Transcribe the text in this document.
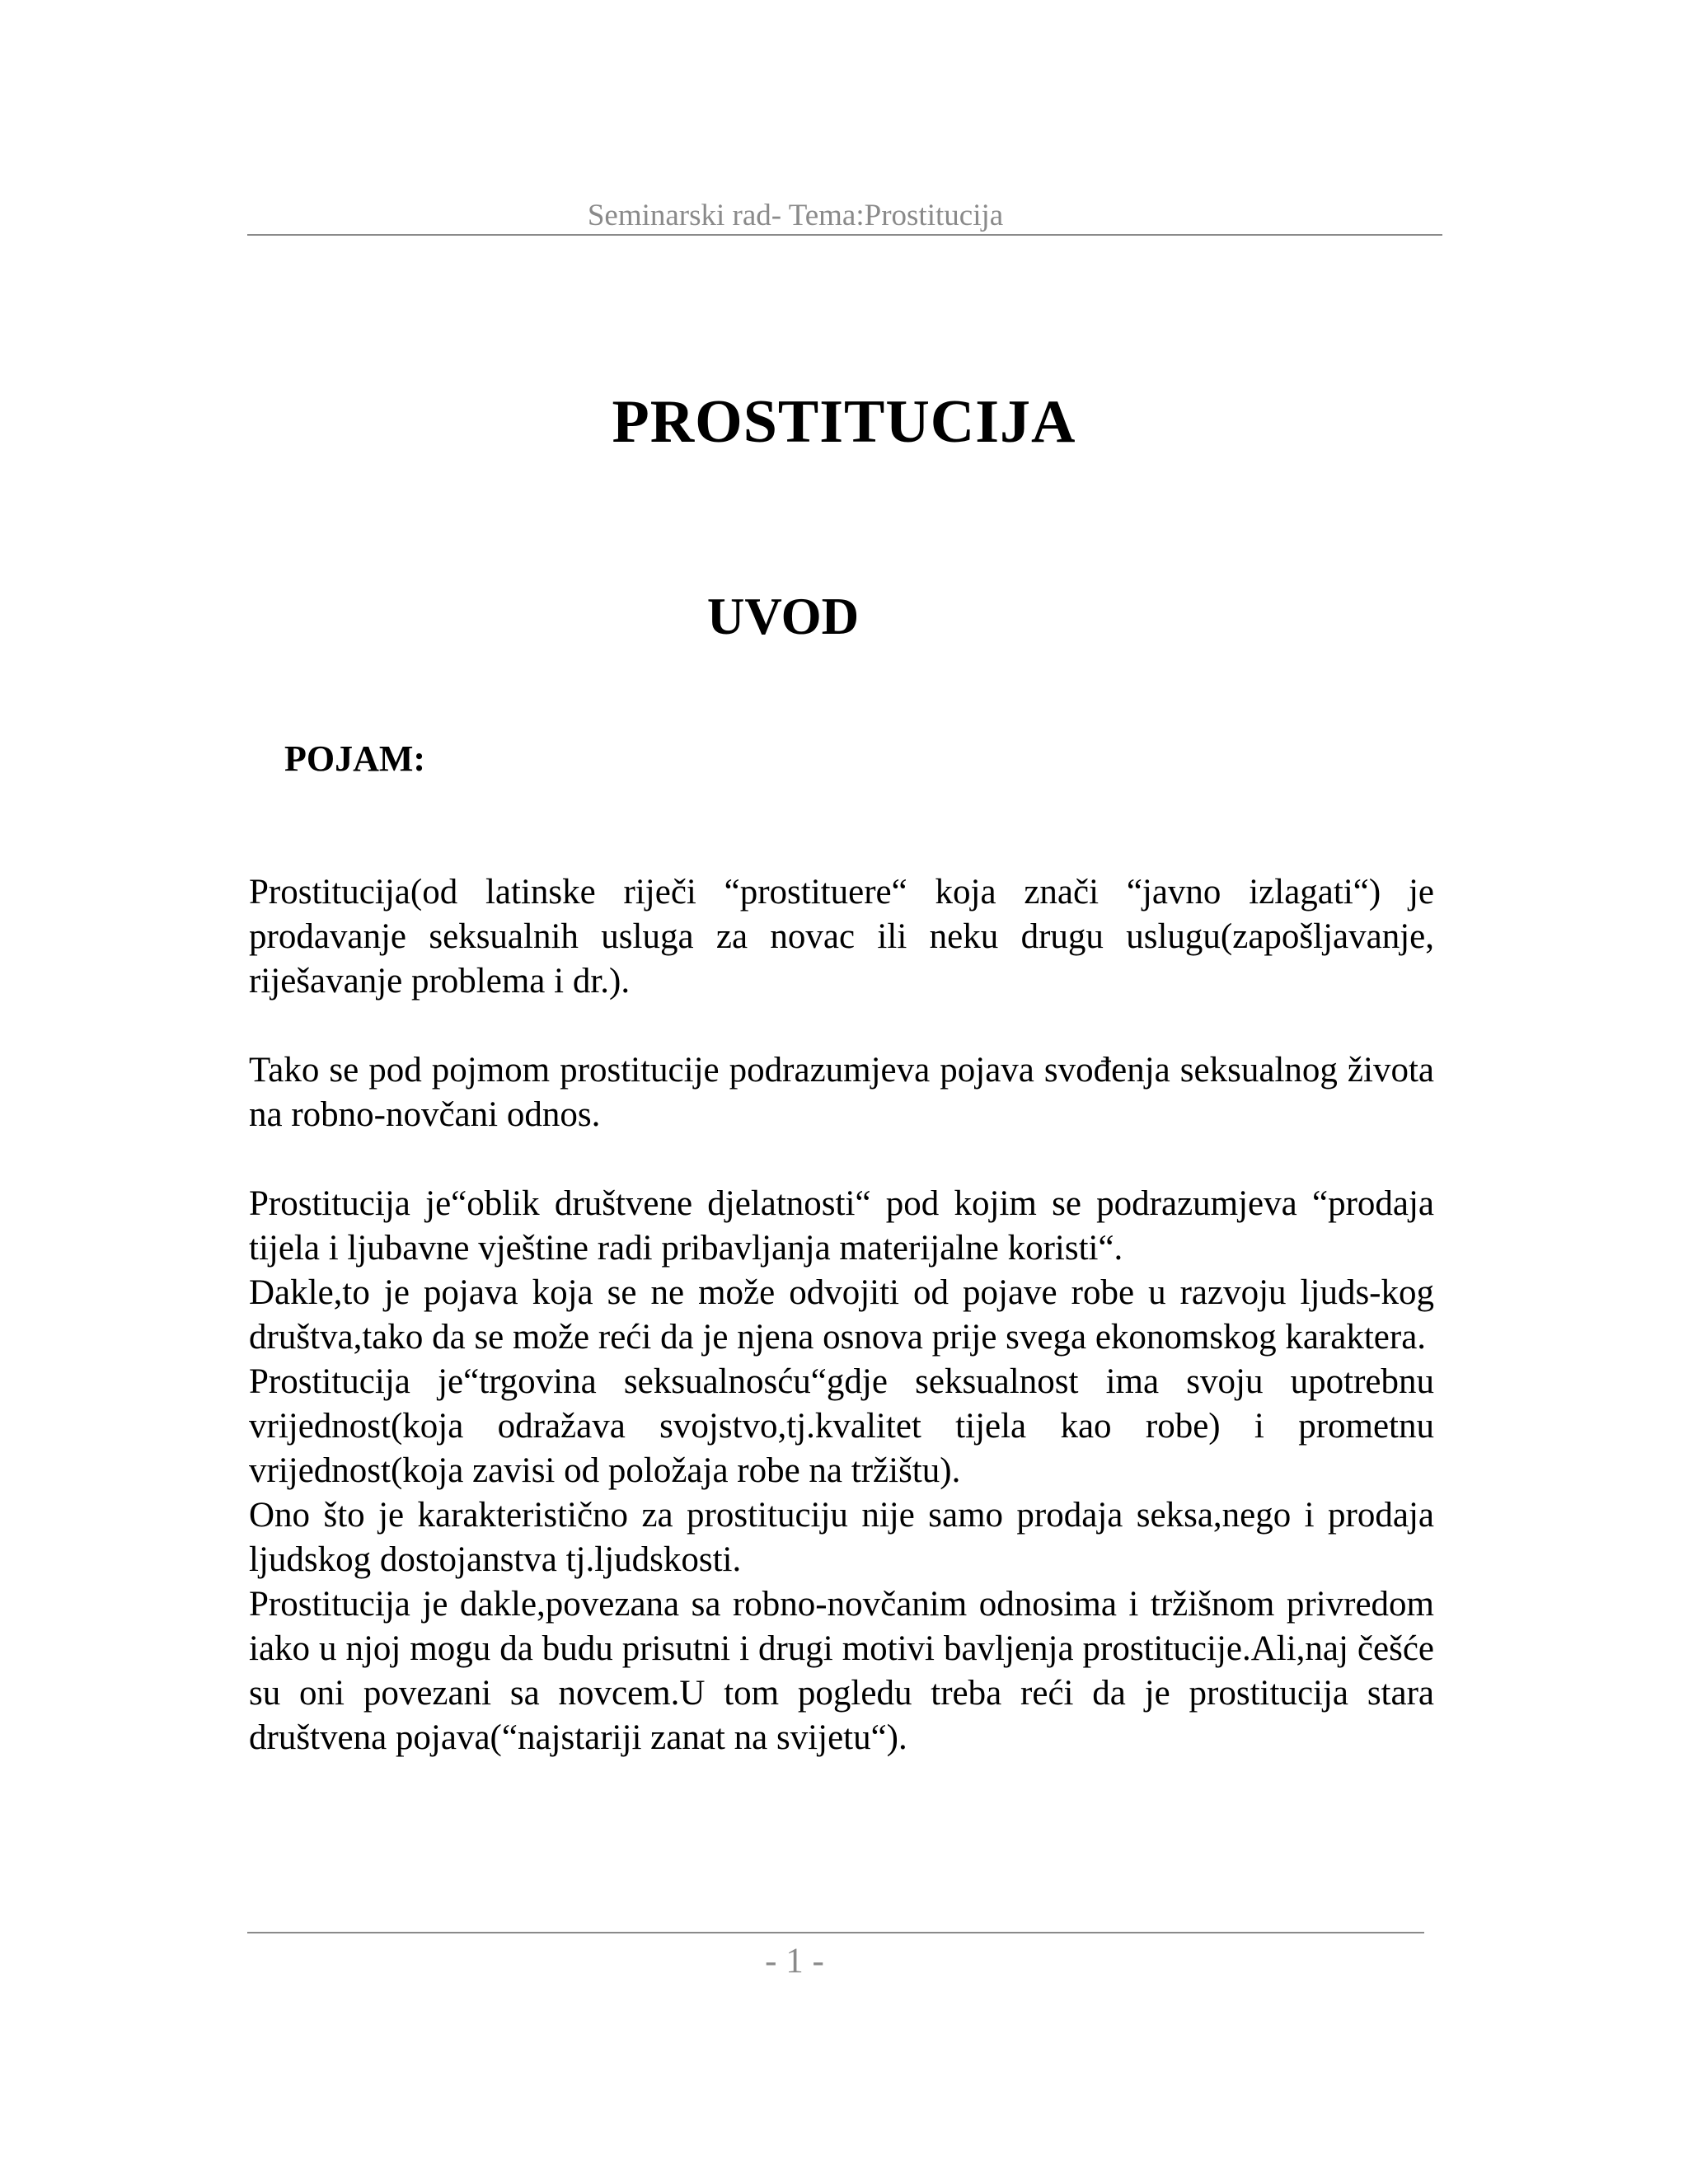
Seminarski rad- Tema:Prostitucija
PROSTITUCIJA
UVOD
POJAM:

Prostitucija(od latinske riječi “prostituere“ koja znači “javno izlagati“) je prodavanje seksualnih usluga za novac ili neku drugu uslugu(zapošljavanje, riješavanje problema i dr.).

Tako se pod pojmom prostitucije podrazumjeva pojava svođenja seksualnog života na robno-novčani odnos.

Prostitucija je“oblik društvene djelatnosti“ pod kojim se podrazumjeva “prodaja tijela i ljubavne vještine radi pribavljanja materijalne koristi“.

Dakle,to je pojava koja se ne može odvojiti od pojave robe u razvoju ljuds-kog društva,tako da se može reći da je njena osnova prije svega ekonomskog karaktera.

Prostitucija je“trgovina seksualnosću“gdje seksualnost ima svoju upotrebnu vrijednost(koja odražava svojstvo,tj.kvalitet tijela kao robe) i prometnu vrijednost(koja zavisi od položaja robe na tržištu).

Ono što je karakteristično za prostituciju nije samo prodaja seksa,nego i prodaja ljudskog dostojanstva tj.ljudskosti.

Prostitucija je dakle,povezana sa robno-novčanim odnosima i tržišnom privredom iako u njoj mogu da budu prisutni i drugi motivi bavljenja prostitucije.Ali,naj češće su oni povezani sa novcem.U tom pogledu treba reći da je prostitucija stara društvena pojava(“najstariji zanat na svijetu“).

- 1 -
